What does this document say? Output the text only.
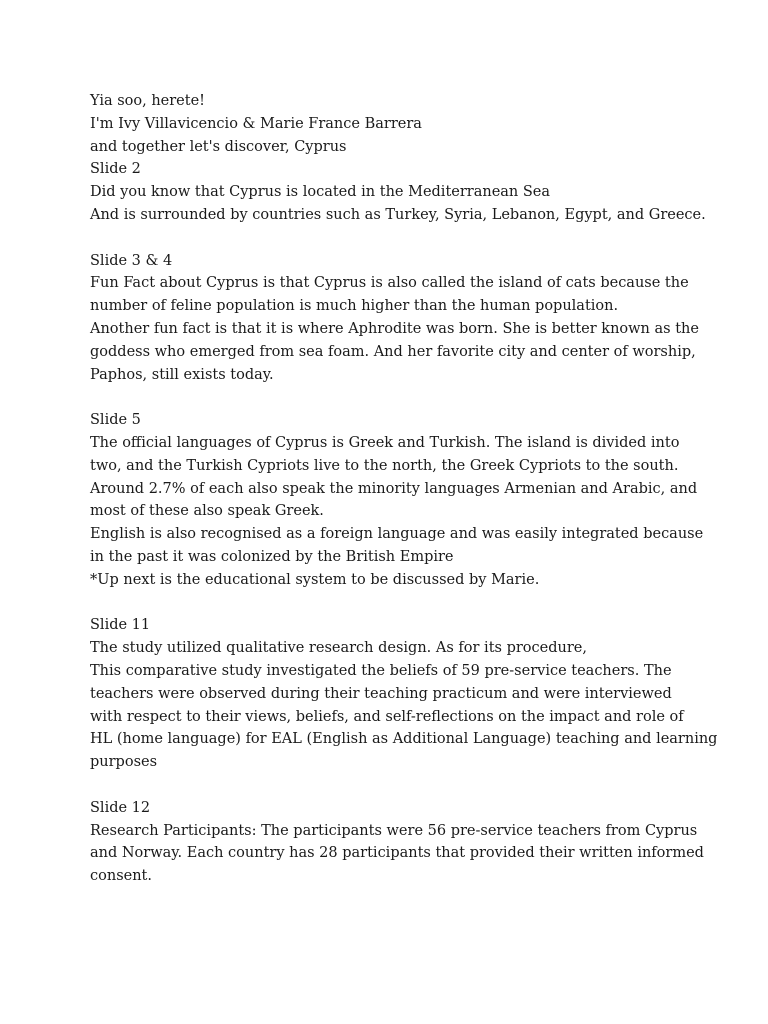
Yia soo, herete!
I'm Ivy Villavicencio & Marie France Barrera
and together let's discover, Cyprus
Slide 2
Did you know that Cyprus is located in the Mediterranean Sea
And is surrounded by countries such as Turkey, Syria, Lebanon, Egypt, and Greece.
Slide 3 & 4
Fun Fact about Cyprus is that Cyprus is also called the island of cats because the
number of feline population is much higher than the human population.
Another fun fact is that it is where Aphrodite was born. She is better known as the
goddess who emerged from sea foam. And her favorite city and center of worship,
Paphos, still exists today.
Slide 5
The official languages of Cyprus is Greek and Turkish. The island is divided into
two, and the Turkish Cypriots live to the north, the Greek Cypriots to the south.
Around 2.7% of each also speak the minority languages Armenian and Arabic, and
most of these also speak Greek.
English is also recognised as a foreign language and was easily integrated because
in the past it was colonized by the British Empire
*Up next is the educational system to be discussed by Marie.
Slide 11
The study utilized qualitative research design. As for its procedure,
This comparative study investigated the beliefs of 59 pre-service teachers. The
teachers were observed during their teaching practicum and were interviewed
with respect to their views, beliefs, and self-reflections on the impact and role of
HL (home language) for EAL (English as Additional Language) teaching and learning
purposes
Slide 12
Research Participants: The participants were 56 pre-service teachers from Cyprus
and Norway. Each country has 28 participants that provided their written informed
consent.
